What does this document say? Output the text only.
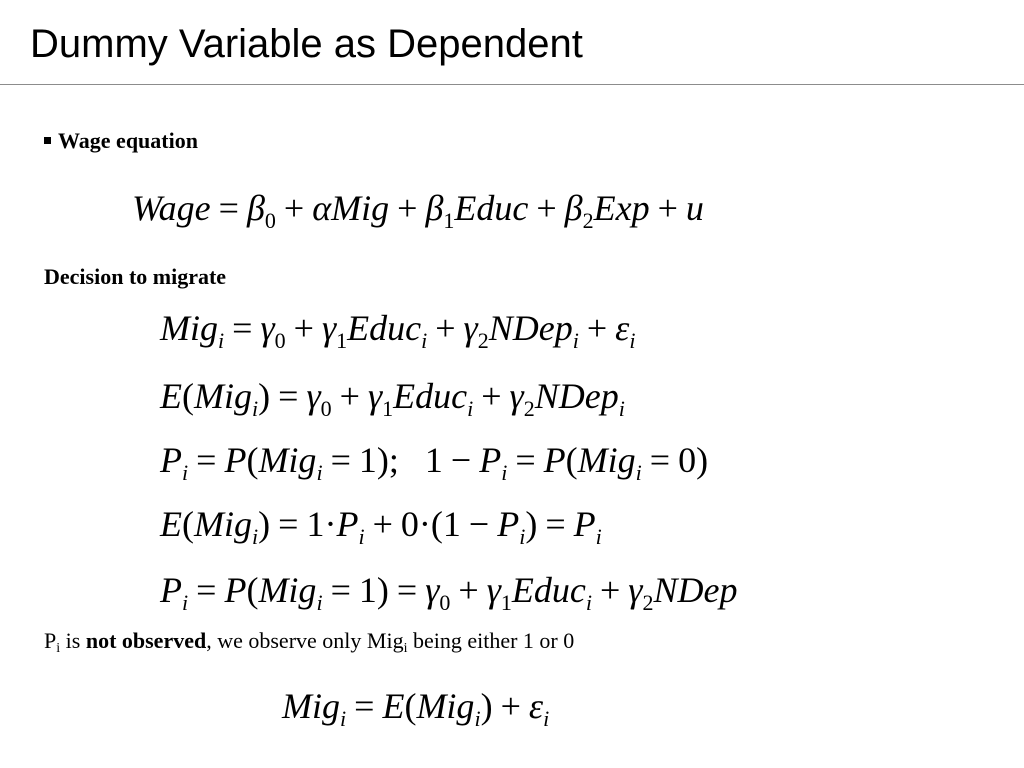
Dummy Variable as Dependent
Wage equation
Wage = $\beta_0 + \alpha Mig$ + $\beta_1Educ + \beta_2Exp + u$
Decision to migrate
$Mig_i = \gamma_0$ + $\gamma_1Educ_i$ + $\gamma_2NDep_i + \varepsilon_i$
$E(Mig_i) = \gamma_0$ + $\gamma_1Educ_i$ + $\gamma_2NDep_i$
$P_i = P(Mig_i = 1)$; $1 - P_i = P(Mig_i = 0)$
$E(Mig_i) = 1\cdot P_i + 0\cdot(1 - P_i) = P_i$
$P_i = P(Mig_i = 1) = \gamma_0$ + $\gamma_1Educ_i$ + $\gamma_2NDep$
$P_i$ is not observed, we observe only Mig$_i$ being either 1 or 0
$Mig_i = E(Mig_i) + \varepsilon_i$
